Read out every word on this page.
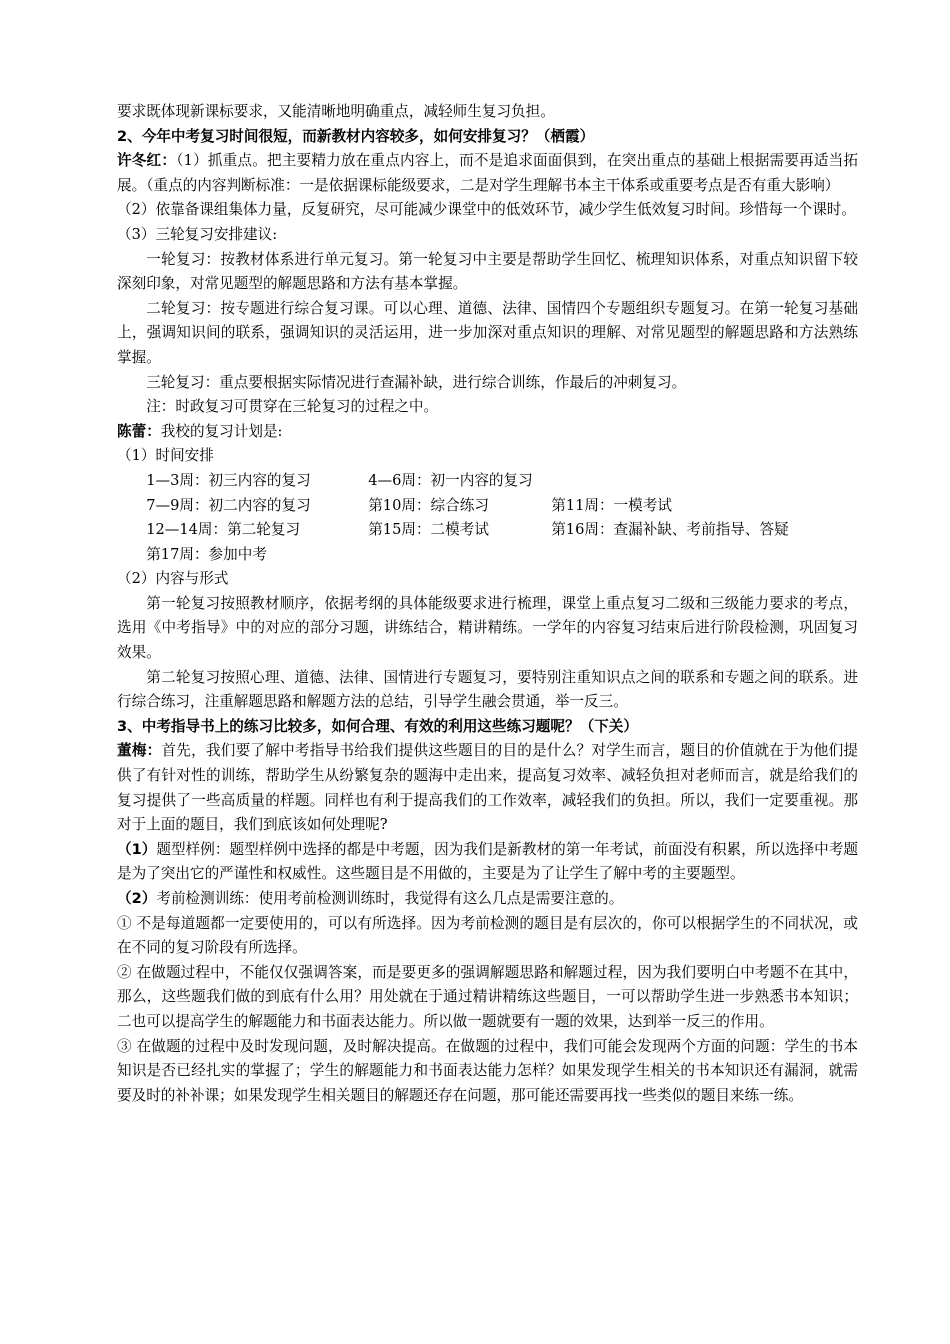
要求既体现新课标要求，又能清晰地明确重点，减轻师生复习负担。

2、今年中考复习时间很短，而新教材内容较多，如何安排复习？（栖霞）

许冬红：（1）抓重点。把主要精力放在重点内容上，而不是追求面面俱到，在突出重点的基础上根据需要再适当拓展。（重点的内容判断标准：一是依据课标能级要求，二是对学生理解书本主干体系或重要考点是否有重大影响）

（2）依靠备课组集体力量，反复研究，尽可能减少课堂中的低效环节，减少学生低效复习时间。珍惜每一个课时。

（3）三轮复习安排建议:

一轮复习：按教材体系进行单元复习。第一轮复习中主要是帮助学生回忆、梳理知识体系，对重点知识留下较深刻印象，对常见题型的解题思路和方法有基本掌握。

二轮复习：按专题进行综合复习课。可以心理、道德、法律、国情四个专题组织专题复习。在第一轮复习基础上，强调知识间的联系，强调知识的灵活运用，进一步加深对重点知识的理解、对常见题型的解题思路和方法熟练掌握。

三轮复习：重点要根据实际情况进行查漏补缺，进行综合训练，作最后的冲刺复习。

注：时政复习可贯穿在三轮复习的过程之中。

陈蕾：我校的复习计划是:

（1）时间安排

1—3周：初三内容的复习	4—6周：初一内容的复习
7—9周：初二内容的复习	第10周：综合练习	第11周：一模考试
12—14周：第二轮复习	第15周：二模考试	第16周：查漏补缺、考前指导、答疑
第17周：参加中考

（2）内容与形式

第一轮复习按照教材顺序，依据考纲的具体能级要求进行梳理，课堂上重点复习二级和三级能力要求的考点，选用《中考指导》中的对应的部分习题，讲练结合，精讲精练。一学年的内容复习结束后进行阶段检测，巩固复习效果。

第二轮复习按照心理、道德、法律、国情进行专题复习，要特别注重知识点之间的联系和专题之间的联系。进行综合练习，注重解题思路和解题方法的总结，引导学生融会贯通，举一反三。

3、中考指导书上的练习比较多，如何合理、有效的利用这些练习题呢？（下关）

董梅：首先，我们要了解中考指导书给我们提供这些题目的目的是什么？对学生而言，题目的价值就在于为他们提供了有针对性的训练，帮助学生从纷繁复杂的题海中走出来，提高复习效率、减轻负担对老师而言，就是给我们的复习提供了一些高质量的样题。同样也有利于提高我们的工作效率，减轻我们的负担。所以，我们一定要重视。那对于上面的题目，我们到底该如何处理呢?

（1）题型样例：题型样例中选择的都是中考题，因为我们是新教材的第一年考试，前面没有积累，所以选择中考题是为了突出它的严谨性和权威性。这些题目是不用做的，主要是为了让学生了解中考的主要题型。

（2）考前检测训练：使用考前检测训练时，我觉得有这么几点是需要注意的。

① 不是每道题都一定要使用的，可以有所选择。因为考前检测的题目是有层次的，你可以根据学生的不同状况，或在不同的复习阶段有所选择。

② 在做题过程中，不能仅仅强调答案，而是要更多的强调解题思路和解题过程，因为我们要明白中考题不在其中，那么，这些题我们做的到底有什么用？用处就在于通过精讲精练这些题目，一可以帮助学生进一步熟悉书本知识；二也可以提高学生的解题能力和书面表达能力。所以做一题就要有一题的效果，达到举一反三的作用。

③ 在做题的过程中及时发现问题，及时解决提高。在做题的过程中，我们可能会发现两个方面的问题：学生的书本知识是否已经扎实的掌握了；学生的解题能力和书面表达能力怎样？如果发现学生相关的书本知识还有漏洞，就需要及时的补补课；如果发现学生相关题目的解题还存在问题，那可能还需要再找一些类似的题目来练一练。
